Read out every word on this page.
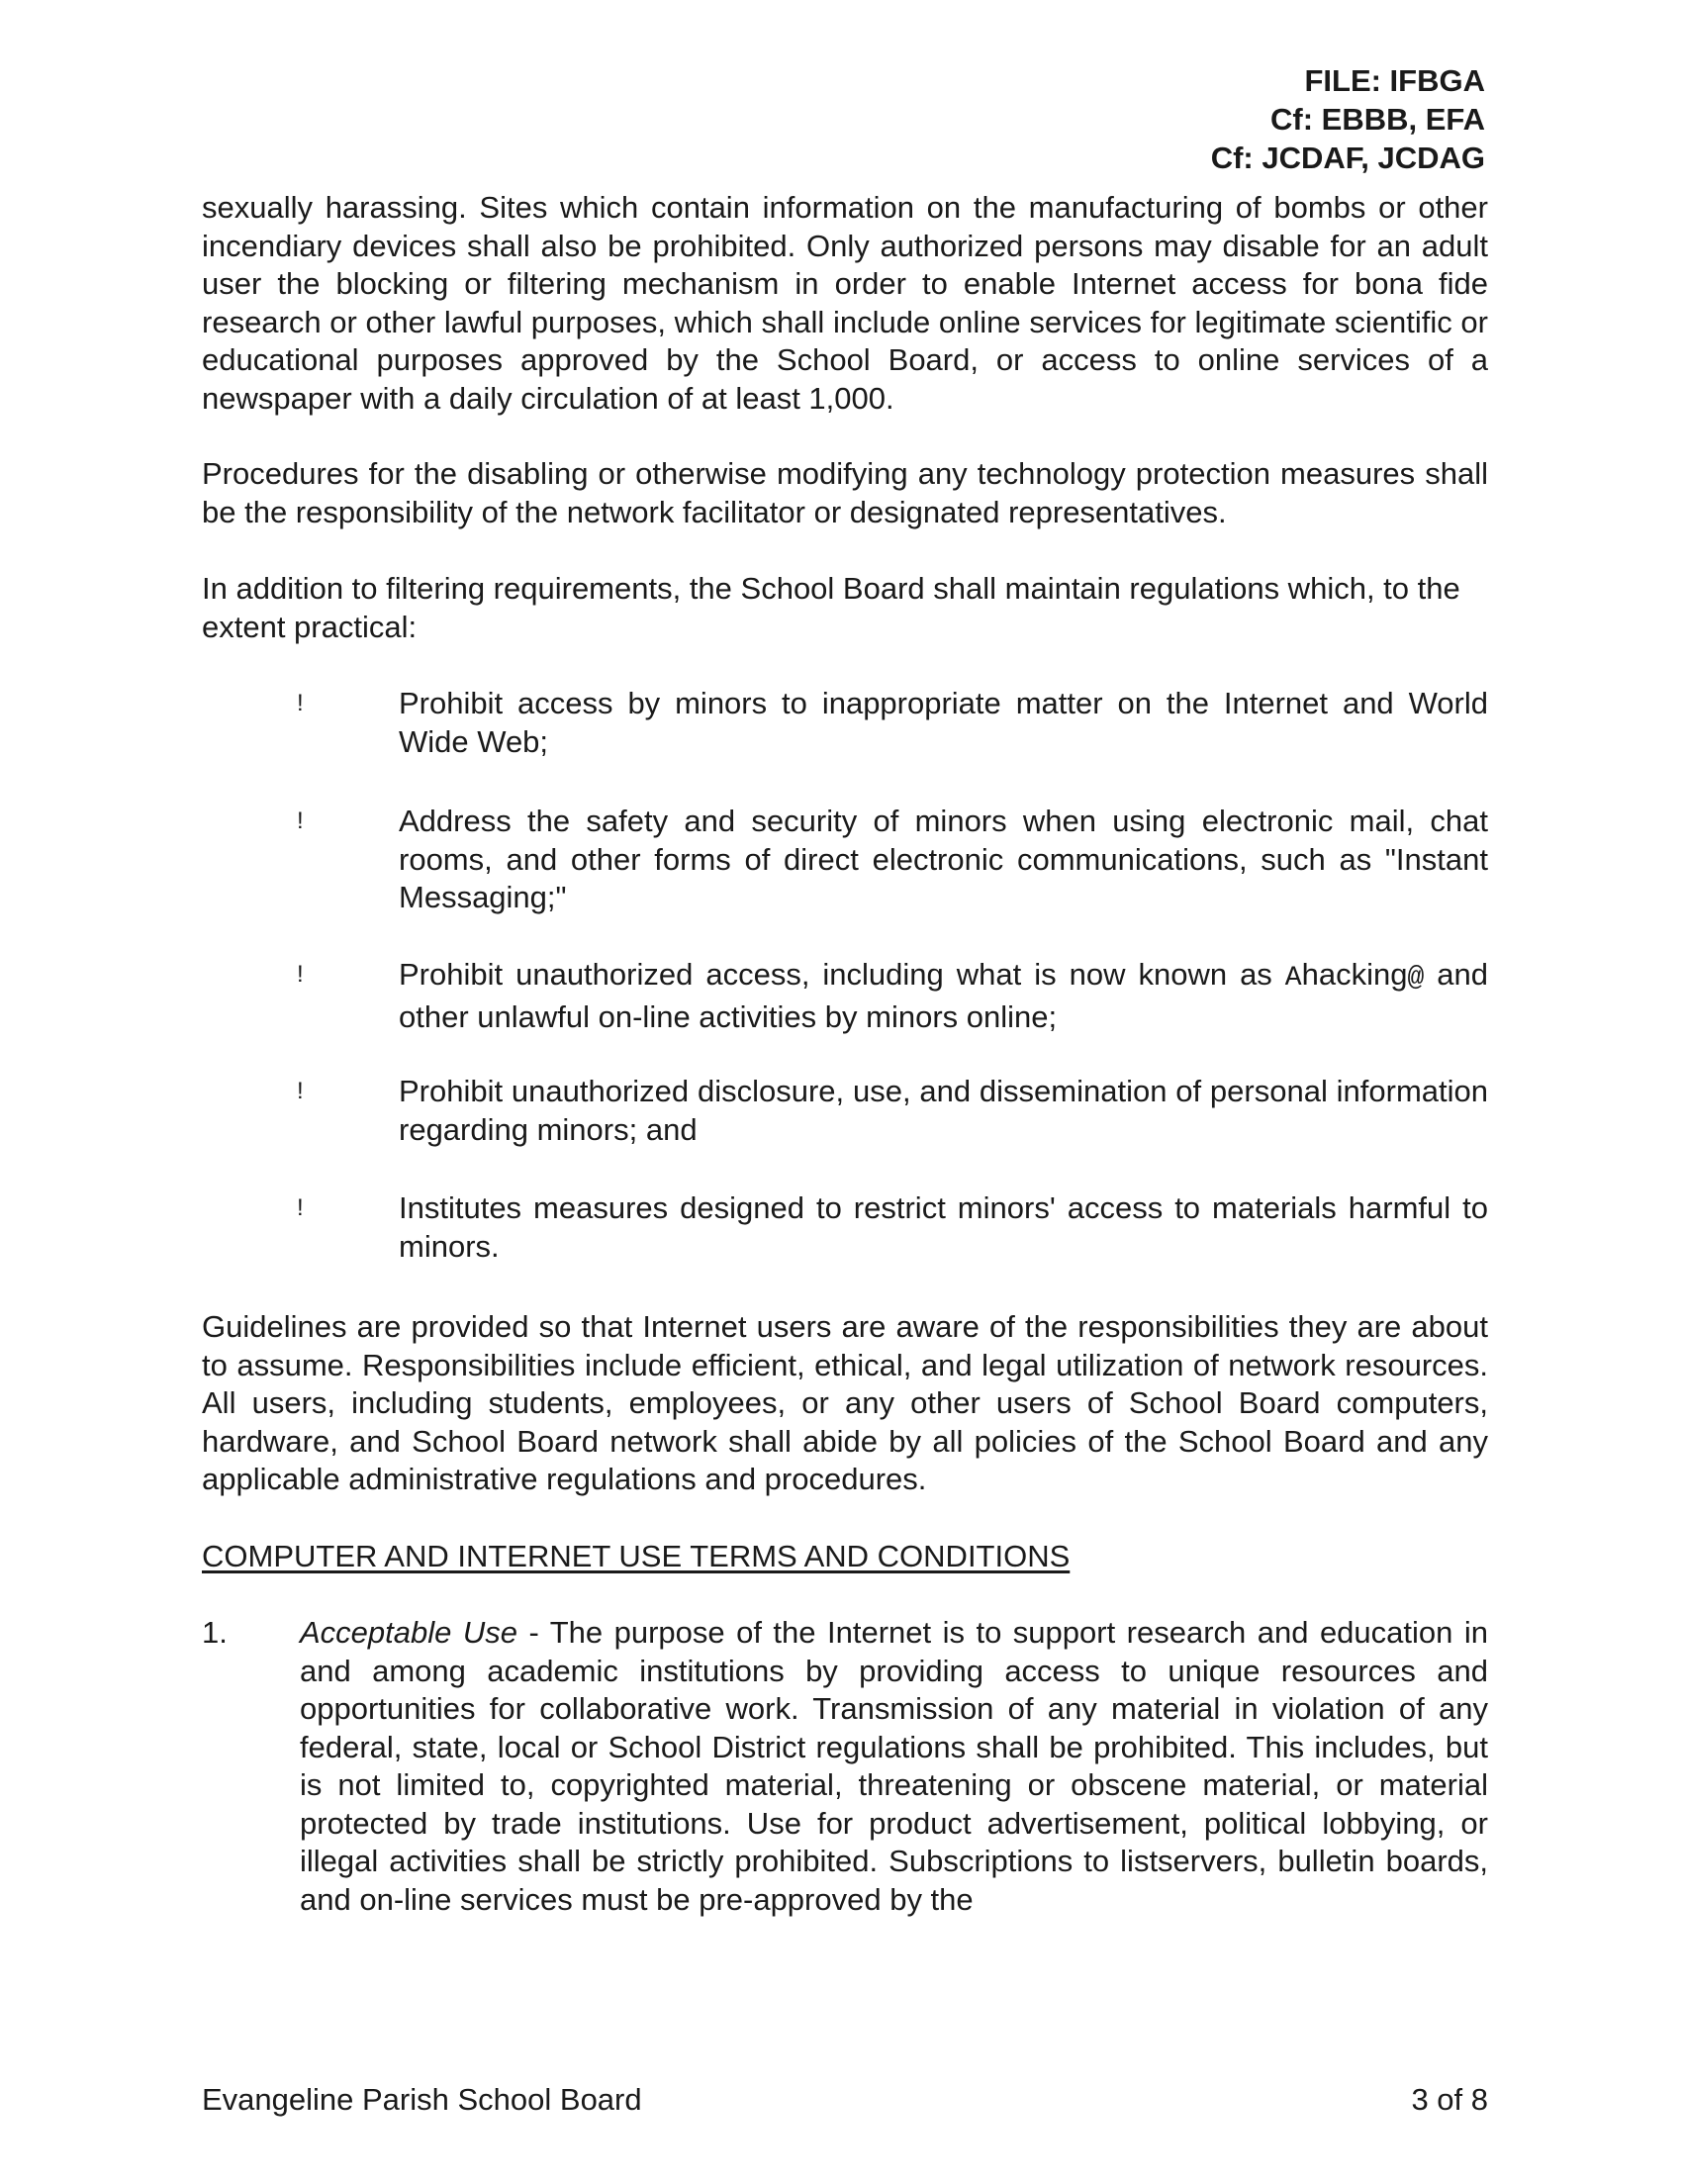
FILE: IFBGA
Cf: EBBB, EFA
Cf: JCDAF, JCDAG

sexually harassing. Sites which contain information on the manufacturing of bombs or other incendiary devices shall also be prohibited. Only authorized persons may disable for an adult user the blocking or filtering mechanism in order to enable Internet access for bona fide research or other lawful purposes, which shall include online services for legitimate scientific or educational purposes approved by the School Board, or access to online services of a newspaper with a daily circulation of at least 1,000.

Procedures for the disabling or otherwise modifying any technology protection measures shall be the responsibility of the network facilitator or designated representatives.

In addition to filtering requirements, the School Board shall maintain regulations which, to the extent practical:

!	Prohibit access by minors to inappropriate matter on the Internet and World Wide Web;
!	Address the safety and security of minors when using electronic mail, chat rooms, and other forms of direct electronic communications, such as "Instant Messaging;"
!	Prohibit unauthorized access, including what is now known as Ahacking@ and other unlawful on-line activities by minors online;
!	Prohibit unauthorized disclosure, use, and dissemination of personal information regarding minors; and
!	Institutes measures designed to restrict minors' access to materials harmful to minors.

Guidelines are provided so that Internet users are aware of the responsibilities they are about to assume. Responsibilities include efficient, ethical, and legal utilization of network resources. All users, including students, employees, or any other users of School Board computers, hardware, and School Board network shall abide by all policies of the School Board and any applicable administrative regulations and procedures.

COMPUTER AND INTERNET USE TERMS AND CONDITIONS
1. Acceptable Use - The purpose of the Internet is to support research and education in and among academic institutions by providing access to unique resources and opportunities for collaborative work. Transmission of any material in violation of any federal, state, local or School District regulations shall be prohibited. This includes, but is not limited to, copyrighted material, threatening or obscene material, or material protected by trade institutions. Use for product advertisement, political lobbying, or illegal activities shall be strictly prohibited. Subscriptions to listservers, bulletin boards, and on-line services must be pre-approved by the
Evangeline Parish School Board	3 of 8
